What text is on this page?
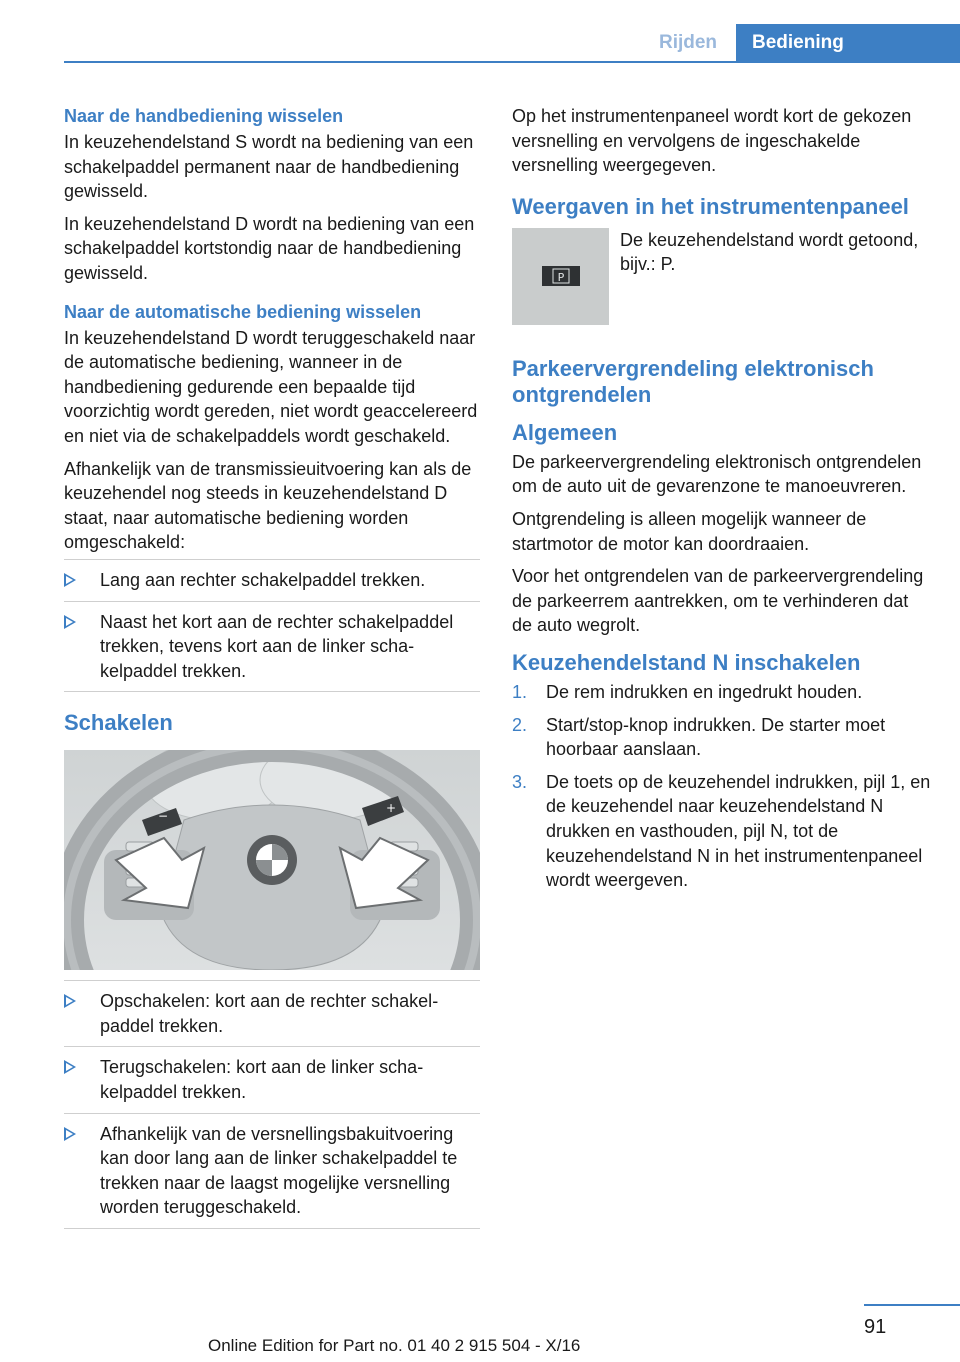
Rijden	Bediening
Naar de handbediening wisselen

In keuzehendelstand S wordt na bediening van een schakelpaddel permanent naar de handbediening gewisseld.

In keuzehendelstand D wordt na bediening van een schakelpaddel kortstondig naar de handbediening gewisseld.

Naar de automatische bediening wisselen

In keuzehendelstand D wordt teruggeschakeld naar de automatische bediening, wanneer in de handbediening gedurende een bepaalde tijd voorzichtig wordt gereden, niet wordt geaccelereerd en niet via de schakelpaddels wordt geschakeld.

Afhankelijk van de transmissieuitvoering kan als de keuzehendel nog steeds in keuzehendelstand D staat, naar automatische bediening worden omgeschakeld:

Lang aan rechter schakelpaddel trekken.
Naast het kort aan de rechter schakelpaddel trekken, tevens kort aan de linker schakelpaddel trekken.
Schakelen
−
+
Opschakelen: kort aan de rechter schakelpaddel trekken.
Terugschakelen: kort aan de linker schakelpaddel trekken.
Afhankelijk van de versnellingsbakuitvoering kan door lang aan de linker schakelpaddel te trekken naar de laagst mogelijke versnelling worden teruggeschakeld.

Op het instrumentenpaneel wordt kort de gekozen versnelling en vervolgens de ingeschakelde versnelling weergegeven.

Weergaven in het instrumentenpaneel
P

De keuzehendelstand wordt getoond, bijv.: P.

Parkeervergrendeling elektronisch ontgrendelen
Algemeen

De parkeervergrendeling elektronisch ontgrendelen om de auto uit de gevarenzone te manoeuvreren.

Ontgrendeling is alleen mogelijk wanneer de startmotor de motor kan doordraaien.

Voor het ontgrendelen van de parkeervergrendeling de parkeerrem aantrekken, om te verhinderen dat de auto wegrolt.

Keuzehendelstand N inschakelen
1. De rem indrukken en ingedrukt houden.
2. Start/stop-knop indrukken. De starter moet hoorbaar aanslaan.
3. De toets op de keuzehendel indrukken, pijl 1, en de keuzehendel naar keuzehendelstand N drukken en vasthouden, pijl N, tot de keuzehendelstand N in het instrumentenpaneel wordt weergeven.
91
Online Edition for Part no. 01 40 2 915 504 - X/16
